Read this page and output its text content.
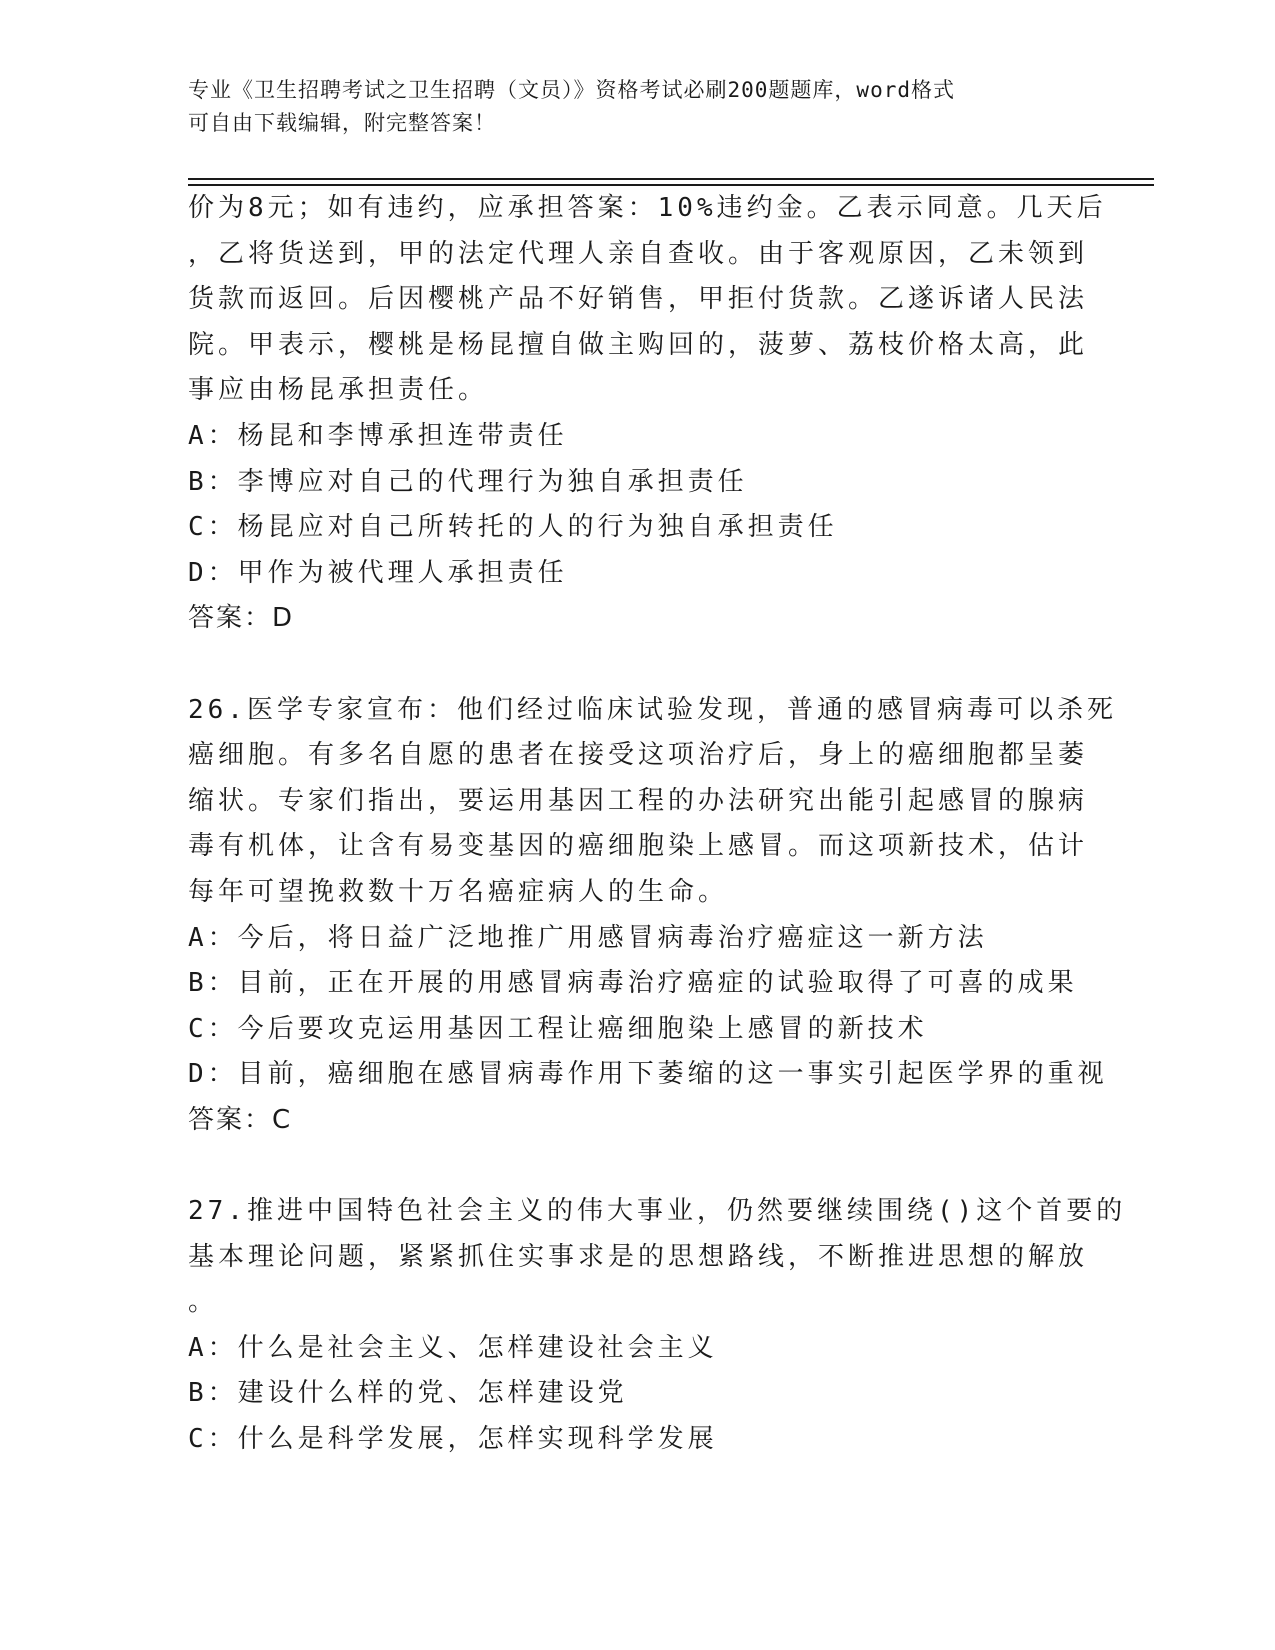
专业《卫生招聘考试之卫生招聘（文员）》资格考试必刷200题题库，word格式
可自由下载编辑，附完整答案！
价为8元；如有违约，应承担答案：10%违约金。乙表示同意。几天后
，乙将货送到，甲的法定代理人亲自查收。由于客观原因，乙未领到
货款而返回。后因樱桃产品不好销售，甲拒付货款。乙遂诉诸人民法
院。甲表示，樱桃是杨昆擅自做主购回的，菠萝、荔枝价格太高，此
事应由杨昆承担责任。
A：杨昆和李博承担连带责任
B：李博应对自己的代理行为独自承担责任
C：杨昆应对自己所转托的人的行为独自承担责任
D：甲作为被代理人承担责任
答案：D
26.医学专家宣布：他们经过临床试验发现，普通的感冒病毒可以杀死
癌细胞。有多名自愿的患者在接受这项治疗后，身上的癌细胞都呈萎
缩状。专家们指出，要运用基因工程的办法研究出能引起感冒的腺病
毒有机体，让含有易变基因的癌细胞染上感冒。而这项新技术，估计
每年可望挽救数十万名癌症病人的生命。
A：今后，将日益广泛地推广用感冒病毒治疗癌症这一新方法
B：目前，正在开展的用感冒病毒治疗癌症的试验取得了可喜的成果
C：今后要攻克运用基因工程让癌细胞染上感冒的新技术
D：目前，癌细胞在感冒病毒作用下萎缩的这一事实引起医学界的重视
答案：C
27.推进中国特色社会主义的伟大事业，仍然要继续围绕()这个首要的
基本理论问题，紧紧抓住实事求是的思想路线，不断推进思想的解放
。
A：什么是社会主义、怎样建设社会主义
B：建设什么样的党、怎样建设党
C：什么是科学发展，怎样实现科学发展
